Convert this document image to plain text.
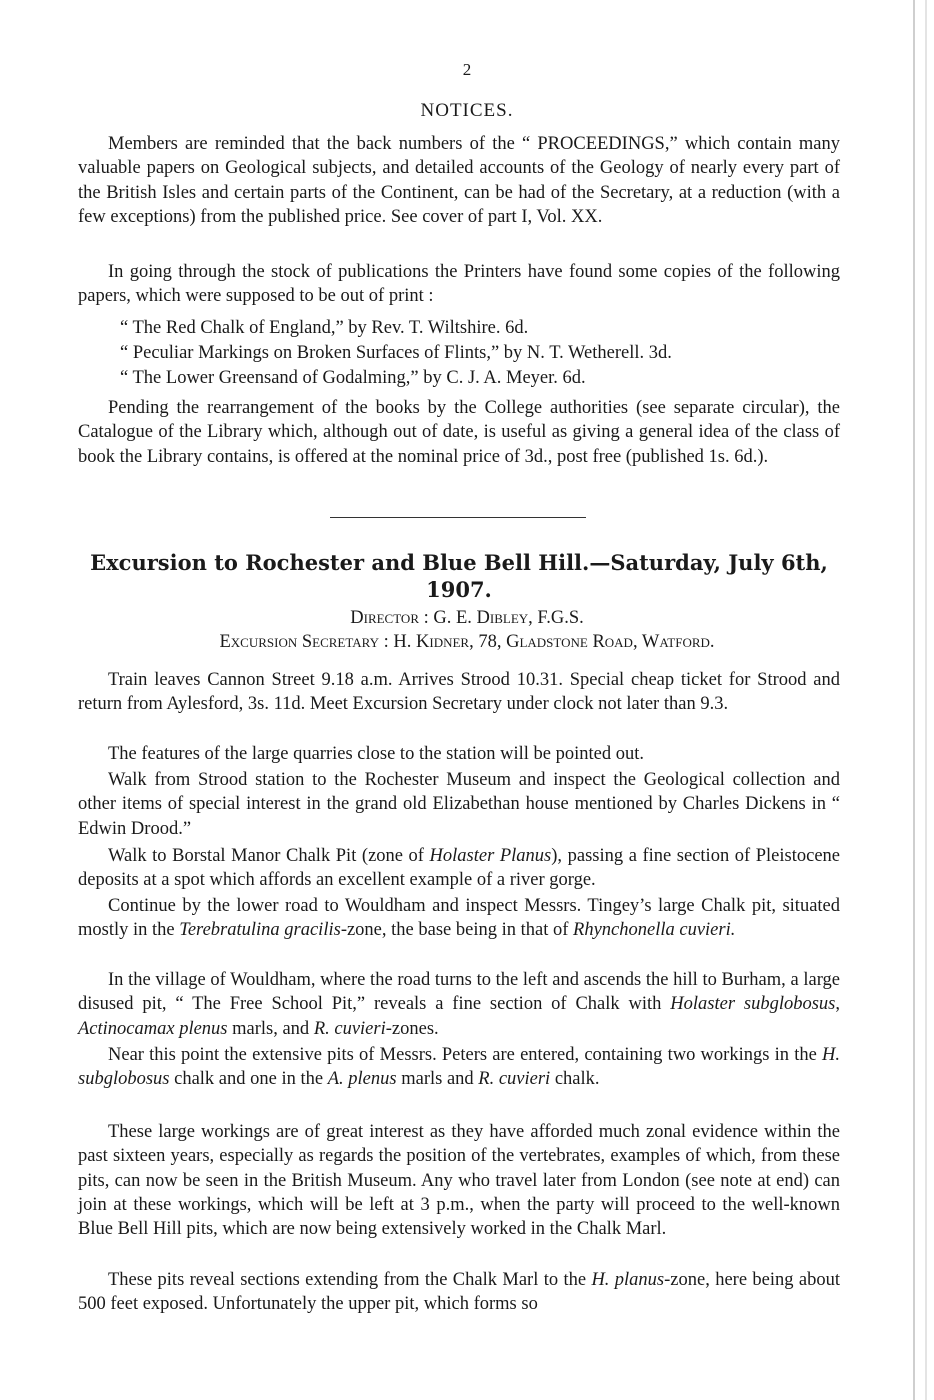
2
NOTICES.

Members are reminded that the back numbers of the “ PROCEEDINGS,” which contain many valuable papers on Geological subjects, and detailed accounts of the Geology of nearly every part of the British Isles and certain parts of the Continent, can be had of the Secretary, at a reduction (with a few exceptions) from the published price. See cover of part I, Vol. XX.

In going through the stock of publications the Printers have found some copies of the following papers, which were supposed to be out of print :

“ The Red Chalk of England,” by Rev. T. Wiltshire. 6d.

“ Peculiar Markings on Broken Surfaces of Flints,” by N. T. Wetherell. 3d.

“ The Lower Greensand of Godalming,” by C. J. A. Meyer. 6d.

Pending the rearrangement of the books by the College authorities (see separate circular), the Catalogue of the Library which, although out of date, is useful as giving a general idea of the class of book the Library contains, is offered at the nominal price of 3d., post free (published 1s. 6d.).

Excursion to Rochester and Blue Bell Hill.—Saturday, July 6th, 1907.

Director : G. E. Dibley, F.G.S.
Excursion Secretary : H. Kidner, 78, Gladstone Road, Watford.

Train leaves Cannon Street 9.18 a.m. Arrives Strood 10.31. Special cheap ticket for Strood and return from Aylesford, 3s. 11d. Meet Excursion Secretary under clock not later than 9.3.

The features of the large quarries close to the station will be pointed out.

Walk from Strood station to the Rochester Museum and inspect the Geological collection and other items of special interest in the grand old Elizabethan house mentioned by Charles Dickens in “ Edwin Drood.”

Walk to Borstal Manor Chalk Pit (zone of Holaster Planus), passing a fine section of Pleistocene deposits at a spot which affords an excellent example of a river gorge.

Continue by the lower road to Wouldham and inspect Messrs. Tingey’s large Chalk pit, situated mostly in the Terebratulina gracilis-zone, the base being in that of Rhynchonella cuvieri.

In the village of Wouldham, where the road turns to the left and ascends the hill to Burham, a large disused pit, “ The Free School Pit,” reveals a fine section of Chalk with Holaster subglobosus, Actinocamax plenus marls, and R. cuvieri-zones.

Near this point the extensive pits of Messrs. Peters are entered, containing two workings in the H. subglobosus chalk and one in the A. plenus marls and R. cuvieri chalk.

These large workings are of great interest as they have afforded much zonal evidence within the past sixteen years, especially as regards the position of the vertebrates, examples of which, from these pits, can now be seen in the British Museum. Any who travel later from London (see note at end) can join at these workings, which will be left at 3 p.m., when the party will proceed to the well-known Blue Bell Hill pits, which are now being extensively worked in the Chalk Marl.

These pits reveal sections extending from the Chalk Marl to the H. planus-zone, here being about 500 feet exposed. Unfortunately the upper pit, which forms so
